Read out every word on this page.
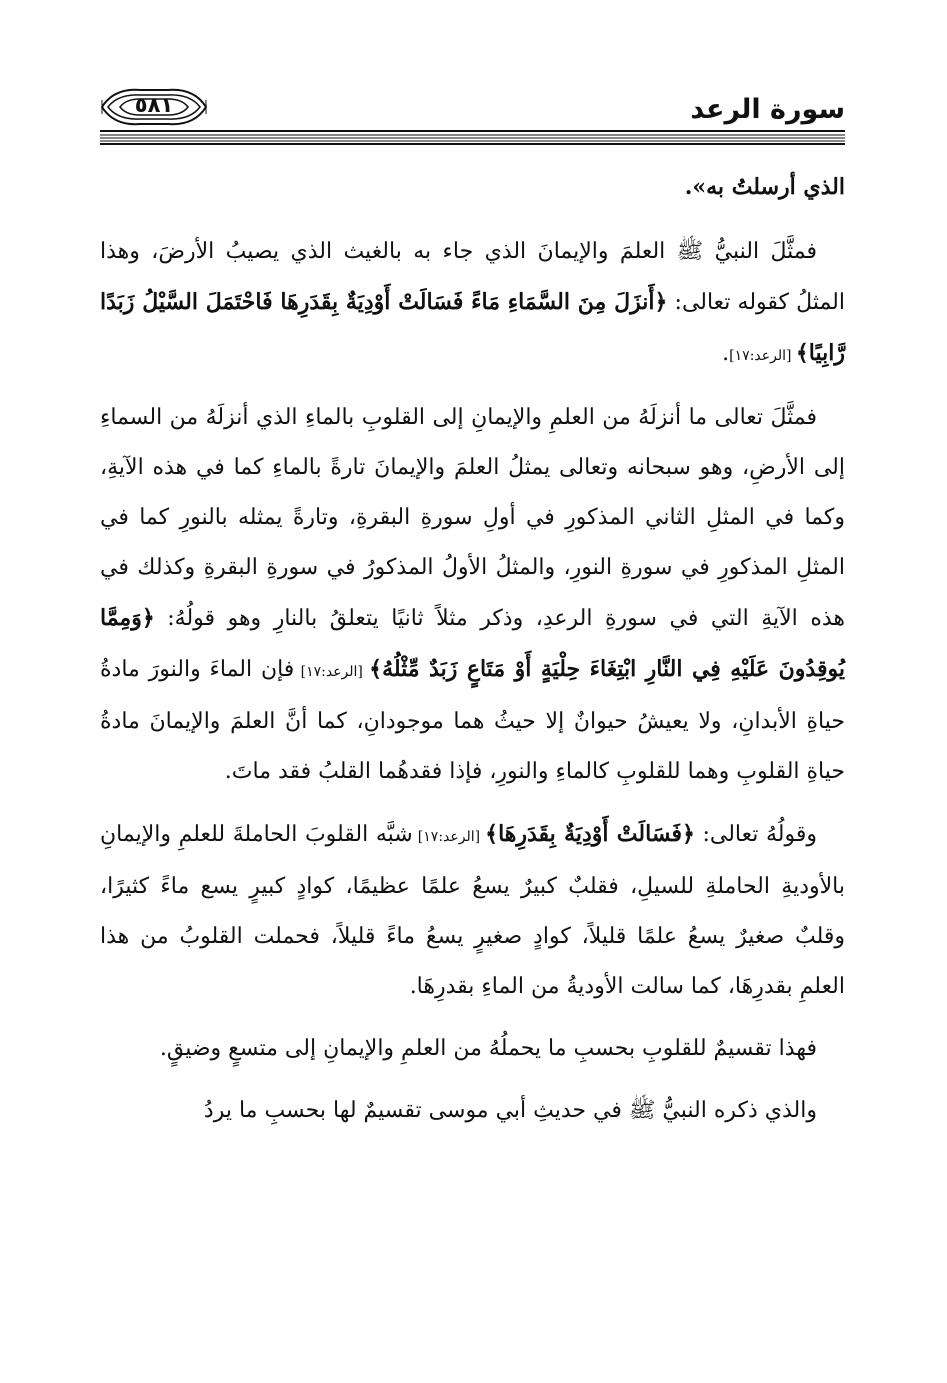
سورة الرعد
٥٨١

الذي أرسلتُ به».

فمثَّلَ النبيُّ ﷺ العلمَ والإيمانَ الذي جاء به بالغيث الذي يصيبُ الأرضَ، وهذا المثلُ كقوله تعالى: ﴿أَنزَلَ مِنَ السَّمَاءِ مَاءً فَسَالَتْ أَوْدِيَةٌ بِقَدَرِهَا فَاحْتَمَلَ السَّيْلُ زَبَدًا رَّابِيًا﴾ [الرعد:١٧].

فمثَّلَ تعالى ما أنزلَهُ من العلمِ والإيمانِ إلى القلوبِ بالماءِ الذي أنزلَهُ من السماءِ إلى الأرضِ، وهو سبحانه وتعالى يمثلُ العلمَ والإيمانَ تارةً بالماءِ كما في هذه الآيةِ، وكما في المثلِ الثاني المذكورِ في أولِ سورةِ البقرةِ، وتارةً يمثله بالنورِ كما في المثلِ المذكورِ في سورةِ النورِ، والمثلُ الأولُ المذكورُ في سورةِ البقرةِ وكذلك في هذه الآيةِ التي في سورةِ الرعدِ، وذكر مثلاً ثانيًا يتعلقُ بالنارِ وهو قولُهُ: ﴿وَمِمَّا يُوقِدُونَ عَلَيْهِ فِي النَّارِ ابْتِغَاءَ حِلْيَةٍ أَوْ مَتَاعٍ زَبَدٌ مِّثْلُهُ﴾ [الرعد:١٧] فإن الماءَ والنورَ مادةُ حياةِ الأبدانِ، ولا يعيشُ حيوانٌ إلا حيثُ هما موجودانِ، كما أنَّ العلمَ والإيمانَ مادةُ حياةِ القلوبِ وهما للقلوبِ كالماءِ والنورِ، فإذا فقدهُما القلبُ فقد ماتَ.

وقولُهُ تعالى: ﴿فَسَالَتْ أَوْدِيَةٌ بِقَدَرِهَا﴾ [الرعد:١٧] شبَّه القلوبَ الحاملةَ للعلمِ والإيمانِ بالأوديةِ الحاملةِ للسيلِ، فقلبٌ كبيرٌ يسعُ علمًا عظيمًا، كوادٍ كبيرٍ يسع ماءً كثيرًا، وقلبٌ صغيرٌ يسعُ علمًا قليلاً، كوادٍ صغيرٍ يسعُ ماءً قليلاً، فحملت القلوبُ من هذا العلمِ بقدرِهَا، كما سالت الأوديةُ من الماءِ بقدرِهَا.

فهذا تقسيمٌ للقلوبِ بحسبِ ما يحملُهُ من العلمِ والإيمانِ إلى متسعٍ وضيقٍ.

والذي ذكره النبيُّ ﷺ في حديثِ أبي موسى تقسيمٌ لها بحسبِ ما يردُ
